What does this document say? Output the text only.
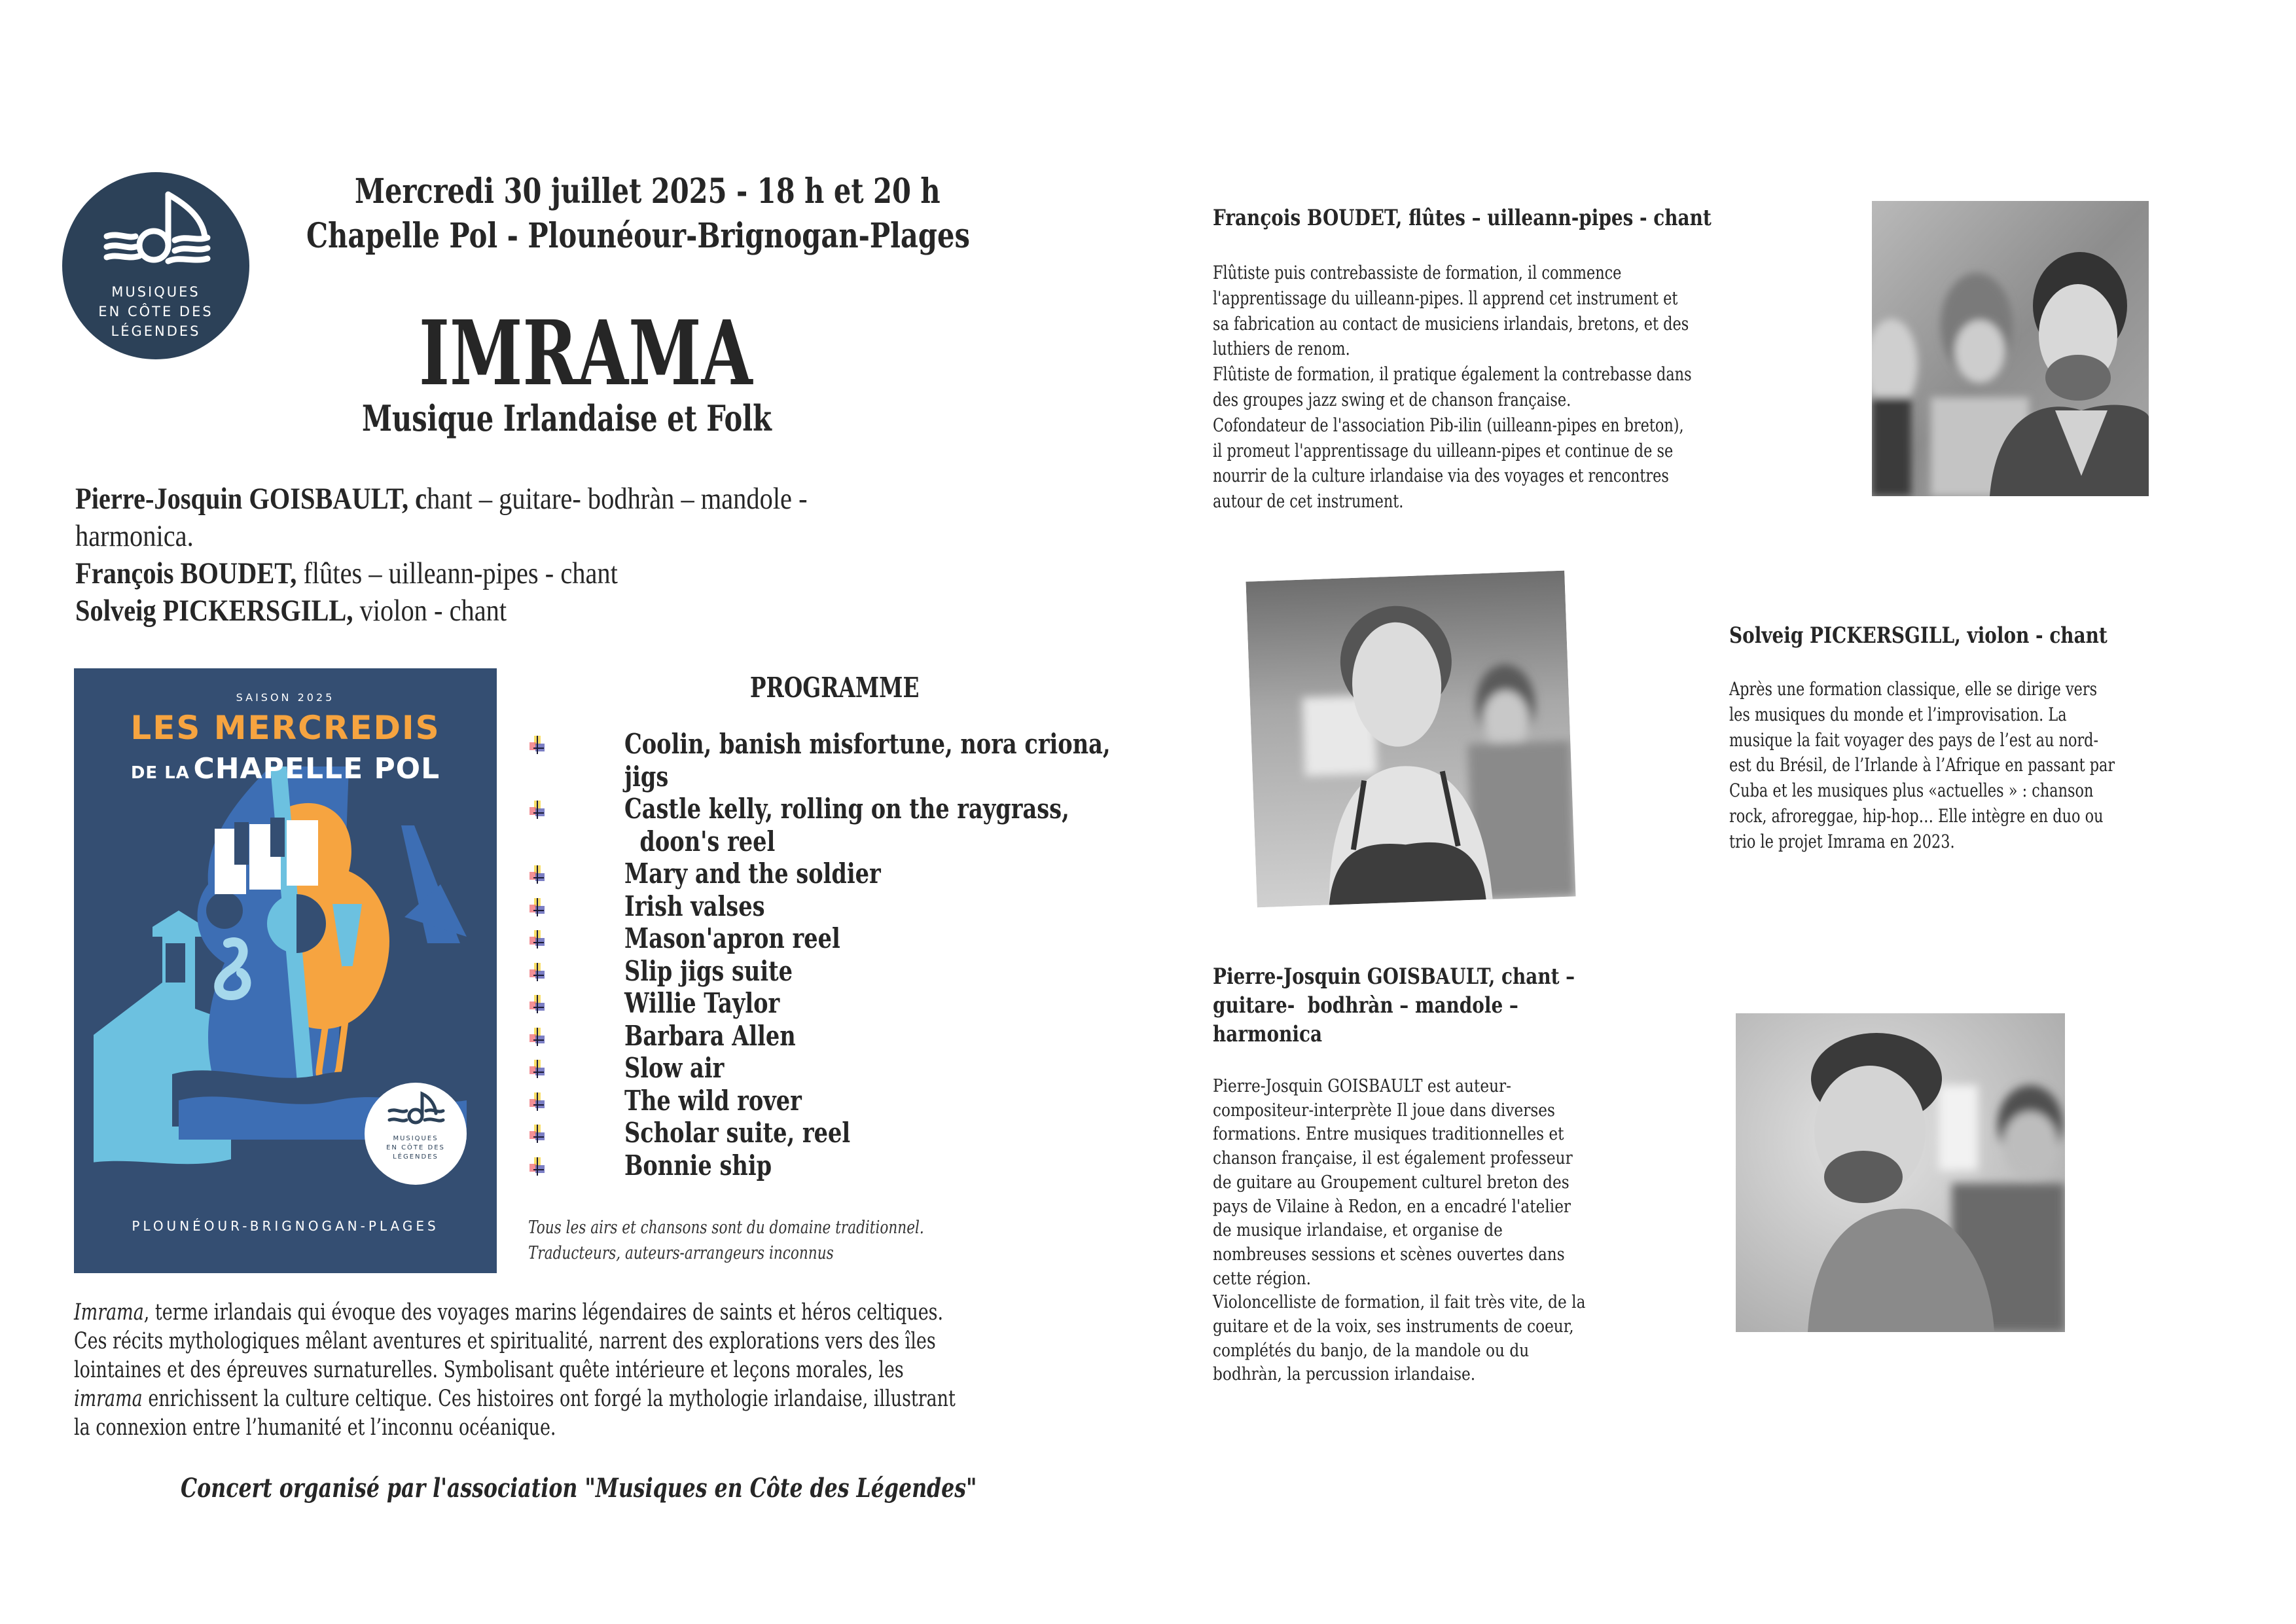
MUSIQUES
EN CÔTE DES
LÉGENDES
Mercredi 30 juillet 2025 - 18 h et 20 h
Chapelle Pol - Plounéour-Brignogan-Plages
IMRAMA
Musique Irlandaise et Folk
Pierre-Josquin GOISBAULT, chant – guitare- bodhràn – mandole -
harmonica.
François BOUDET, flûtes – uilleann-pipes - chant
Solveig PICKERSGILL, violon - chant
SAISON 2025
LES MERCREDIS
DE LA CHAPELLE POL
MUSIQUES
EN CÔTE DES
LÉGENDES
PLOUNÉOUR-BRIGNOGAN-PLAGES
PROGRAMME
Coolin, banish misfortune, nora criona,
jigs
Castle kelly, rolling on the raygrass,
doon's reel
Mary and the soldier
Irish valses
Mason'apron reel
Slip jigs suite
Willie Taylor
Barbara Allen
Slow air
The wild rover
Scholar suite, reel
Bonnie ship
Tous les airs et chansons sont du domaine traditionnel.
Traducteurs, auteurs-arrangeurs inconnus
Imrama, terme irlandais qui évoque des voyages marins légendaires de saints et héros celtiques.
Ces récits mythologiques mêlant aventures et spiritualité, narrent des explorations vers des îles
lointaines et des épreuves surnaturelles. Symbolisant quête intérieure et leçons morales, les
imrama enrichissent la culture celtique. Ces histoires ont forgé la mythologie irlandaise, illustrant
la connexion entre l’humanité et l’inconnu océanique.
Concert organisé par l'association "Musiques en Côte des Légendes"
François BOUDET, flûtes – uilleann-pipes - chant
Flûtiste puis contrebassiste de formation, il commence
l'apprentissage du uilleann-pipes. ll apprend cet instrument et
sa fabrication au contact de musiciens irlandais, bretons, et des
luthiers de renom.
Flûtiste de formation, il pratique également la contrebasse dans
des groupes jazz swing et de chanson française.
Cofondateur de l'association Pib-ilin (uilleann-pipes en breton),
il promeut l'apprentissage du uilleann-pipes et continue de se
nourrir de la culture irlandaise via des voyages et rencontres
autour de cet instrument.
Solveig PICKERSGILL, violon - chant
Après une formation classique, elle se dirige vers
les musiques du monde et l’improvisation. La
musique la fait voyager des pays de l’est au nord-
est du Brésil, de l’Irlande à l’Afrique en passant par
Cuba et les musiques plus «actuelles » : chanson
rock, afroreggae, hip-hop… Elle intègre en duo ou
trio le projet Imrama en 2023.
Pierre-Josquin GOISBAULT, chant –
guitare-  bodhràn – mandole –
harmonica
Pierre-Josquin GOISBAULT est auteur-
compositeur-interprète Il joue dans diverses
formations. Entre musiques traditionnelles et
chanson française, il est également professeur
de guitare au Groupement culturel breton des
pays de Vilaine à Redon, en a encadré l'atelier
de musique irlandaise, et organise de
nombreuses sessions et scènes ouvertes dans
cette région.
Violoncelliste de formation, il fait très vite, de la
guitare et de la voix, ses instruments de coeur,
complétés du banjo, de la mandole ou du
bodhràn, la percussion irlandaise.
